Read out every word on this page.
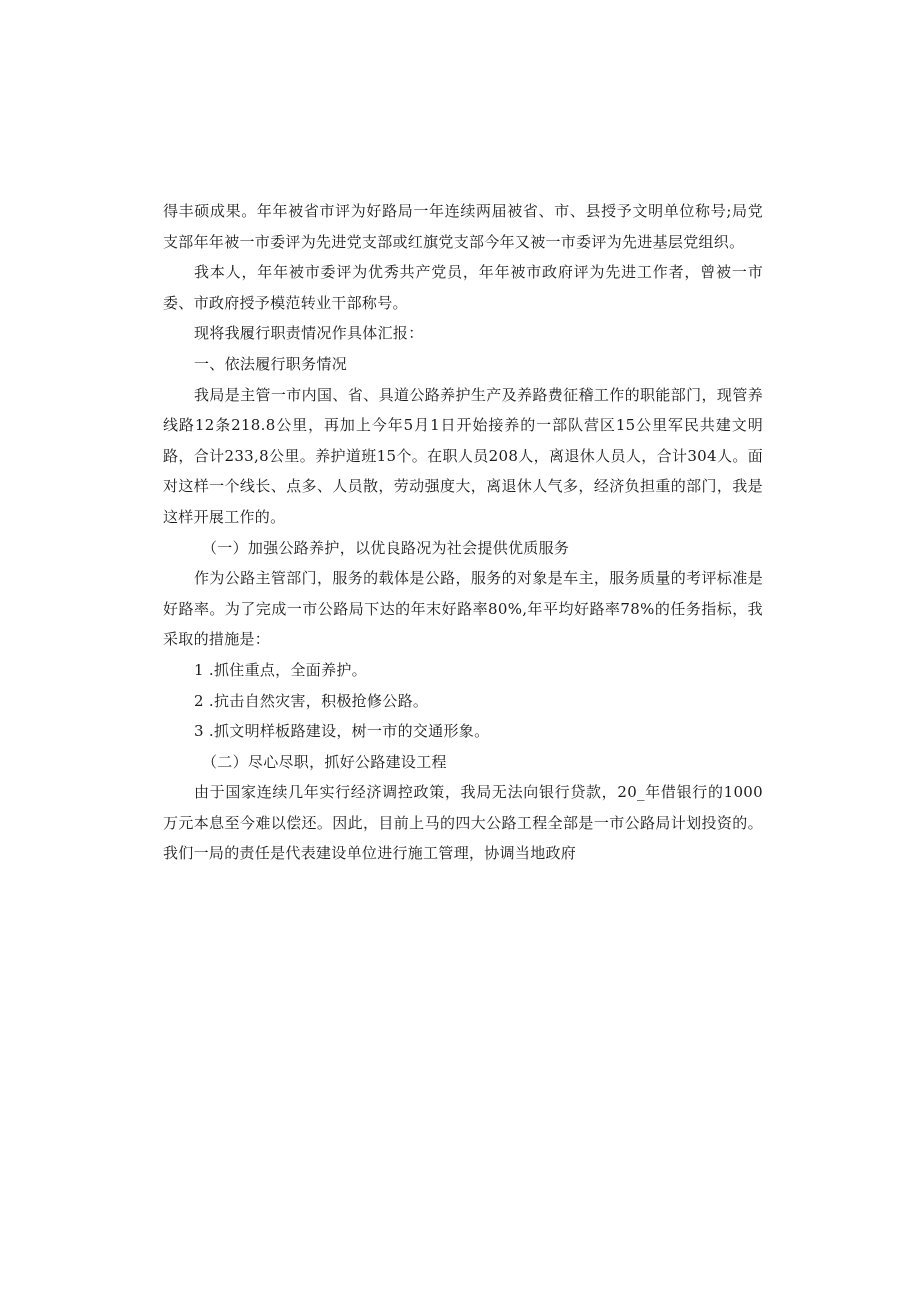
得丰硕成果。年年被省市评为好路局一年连续两届被省、市、县授予文明单位称号;局党支部年年被一市委评为先进党支部或红旗党支部今年又被一市委评为先进基层党组织。

我本人，年年被市委评为优秀共产党员，年年被市政府评为先进工作者，曾被一市委、市政府授予模范转业干部称号。

现将我履行职责情况作具体汇报：

一、依法履行职务情况

我局是主管一市内国、省、具道公路养护生产及养路费征稽工作的职能部门，现管养线路12条218.8公里，再加上今年5月1日开始接养的一部队营区15公里军民共建文明路，合计233,8公里。养护道班15个。在职人员208人，离退休人员人，合计304人。面对这样一个线长、点多、人员散，劳动强度大，离退休人气多，经济负担重的部门，我是这样开展工作的。

（一）加强公路养护，以优良路况为社会提供优质服务

作为公路主管部门，服务的载体是公路，服务的对象是车主，服务质量的考评标准是好路率。为了完成一市公路局下达的年末好路率80%,年平均好路率78%的任务指标，我采取的措施是：

1 .抓住重点，全面养护。

2 .抗击自然灾害，积极抢修公路。

3 .抓文明样板路建设，树一市的交通形象。

（二）尽心尽职，抓好公路建设工程

由于国家连续几年实行经济调控政策，我局无法向银行贷款，20_年借银行的1000万元本息至今难以偿还。因此，目前上马的四大公路工程全部是一市公路局计划投资的。我们一局的责任是代表建设单位进行施工管理，协调当地政府
